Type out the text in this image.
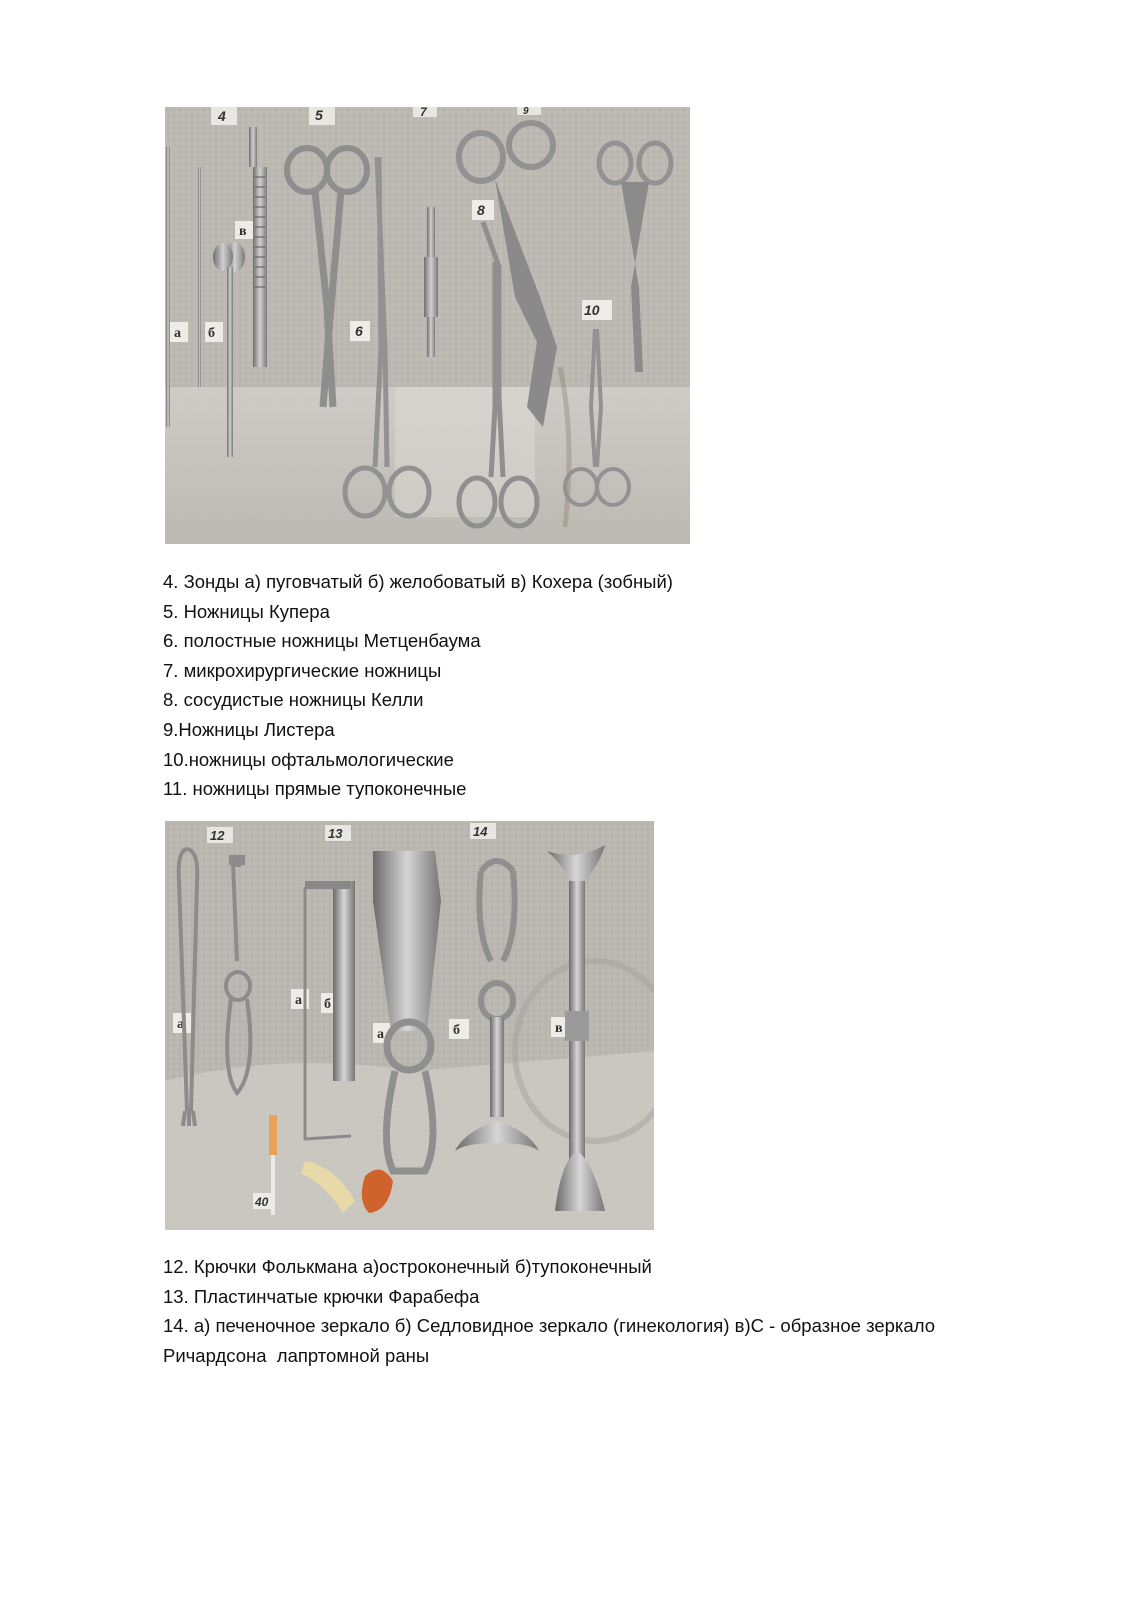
4	5	7	9
8
10
6
в
а б

4. Зонды а) пуговчатый б) желобоватый в) Кохера (зобный)

5. Ножницы Купера

6. полостные ножницы Метценбаума

7. микрохирургические ножницы

8. сосудистые ножницы Келли

9.Ножницы Листера

10.ножницы офтальмологические

11. ножницы прямые тупоконечные

12	13	14
а
а б
а	б	в
40

12. Крючки Фолькмана а)остроконечный б)тупоконечный

13. Пластинчатые крючки Фарабефа

14. а) печеночное зеркало б) Седловидное зеркало (гинекология) в)С - образное зеркало Ричардсона  лапртомной раны
